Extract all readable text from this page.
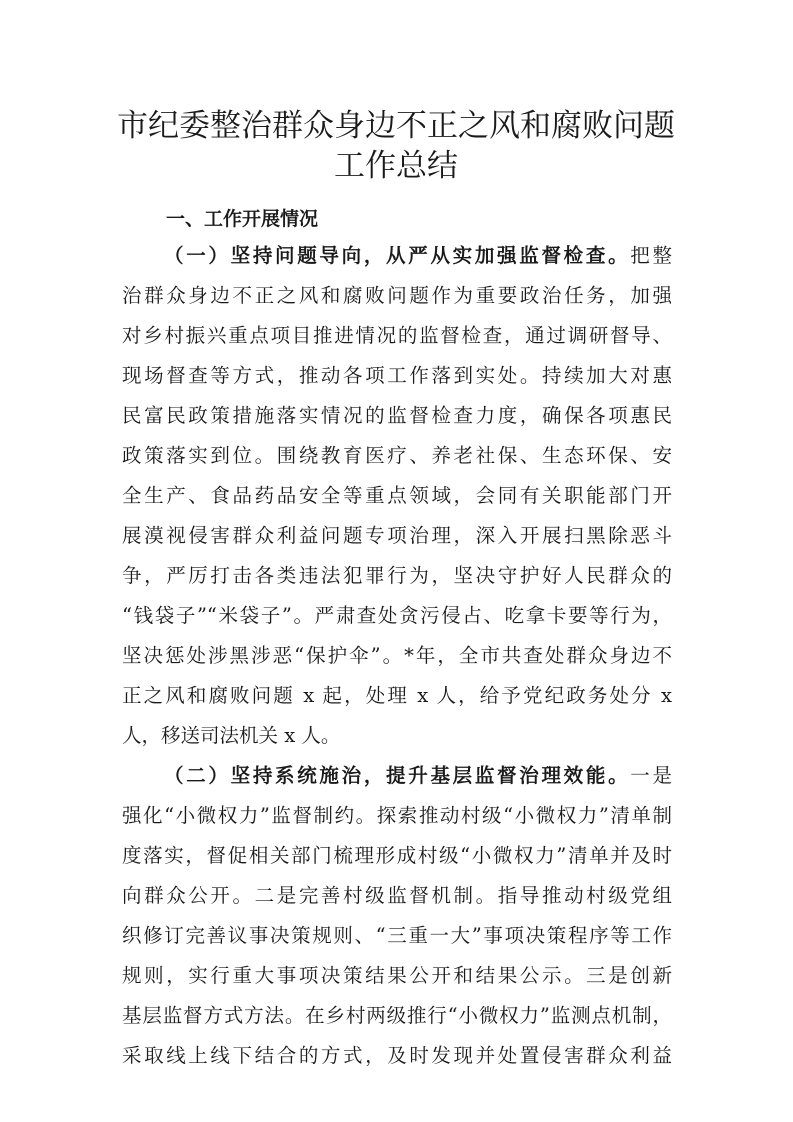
市纪委整治群众身边不正之风和腐败问题
工作总结
一、工作开展情况
（一）坚持问题导向，从严从实加强监督检查。把整
治群众身边不正之风和腐败问题作为重要政治任务，加强
对乡村振兴重点项目推进情况的监督检查，通过调研督导、
现场督查等方式，推动各项工作落到实处。持续加大对惠
民富民政策措施落实情况的监督检查力度，确保各项惠民
政策落实到位。围绕教育医疗、养老社保、生态环保、安
全生产、食品药品安全等重点领域，会同有关职能部门开
展漠视侵害群众利益问题专项治理，深入开展扫黑除恶斗
争，严厉打击各类违法犯罪行为，坚决守护好人民群众的
“钱袋子”“米袋子”。严肃查处贪污侵占、吃拿卡要等行为，
坚决惩处涉黑涉恶“保护伞”。*年，全市共查处群众身边不
正之风和腐败问题 x 起，处理 x 人，给予党纪政务处分 x
人，移送司法机关 x 人。
（二）坚持系统施治，提升基层监督治理效能。一是
强化“小微权力”监督制约。探索推动村级“小微权力”清单制
度落实，督促相关部门梳理形成村级“小微权力”清单并及时
向群众公开。二是完善村级监督机制。指导推动村级党组
织修订完善议事决策规则、“三重一大”事项决策程序等工作
规则，实行重大事项决策结果公开和结果公示。三是创新
基层监督方式方法。在乡村两级推行“小微权力”监测点机制，
采取线上线下结合的方式，及时发现并处置侵害群众利益
